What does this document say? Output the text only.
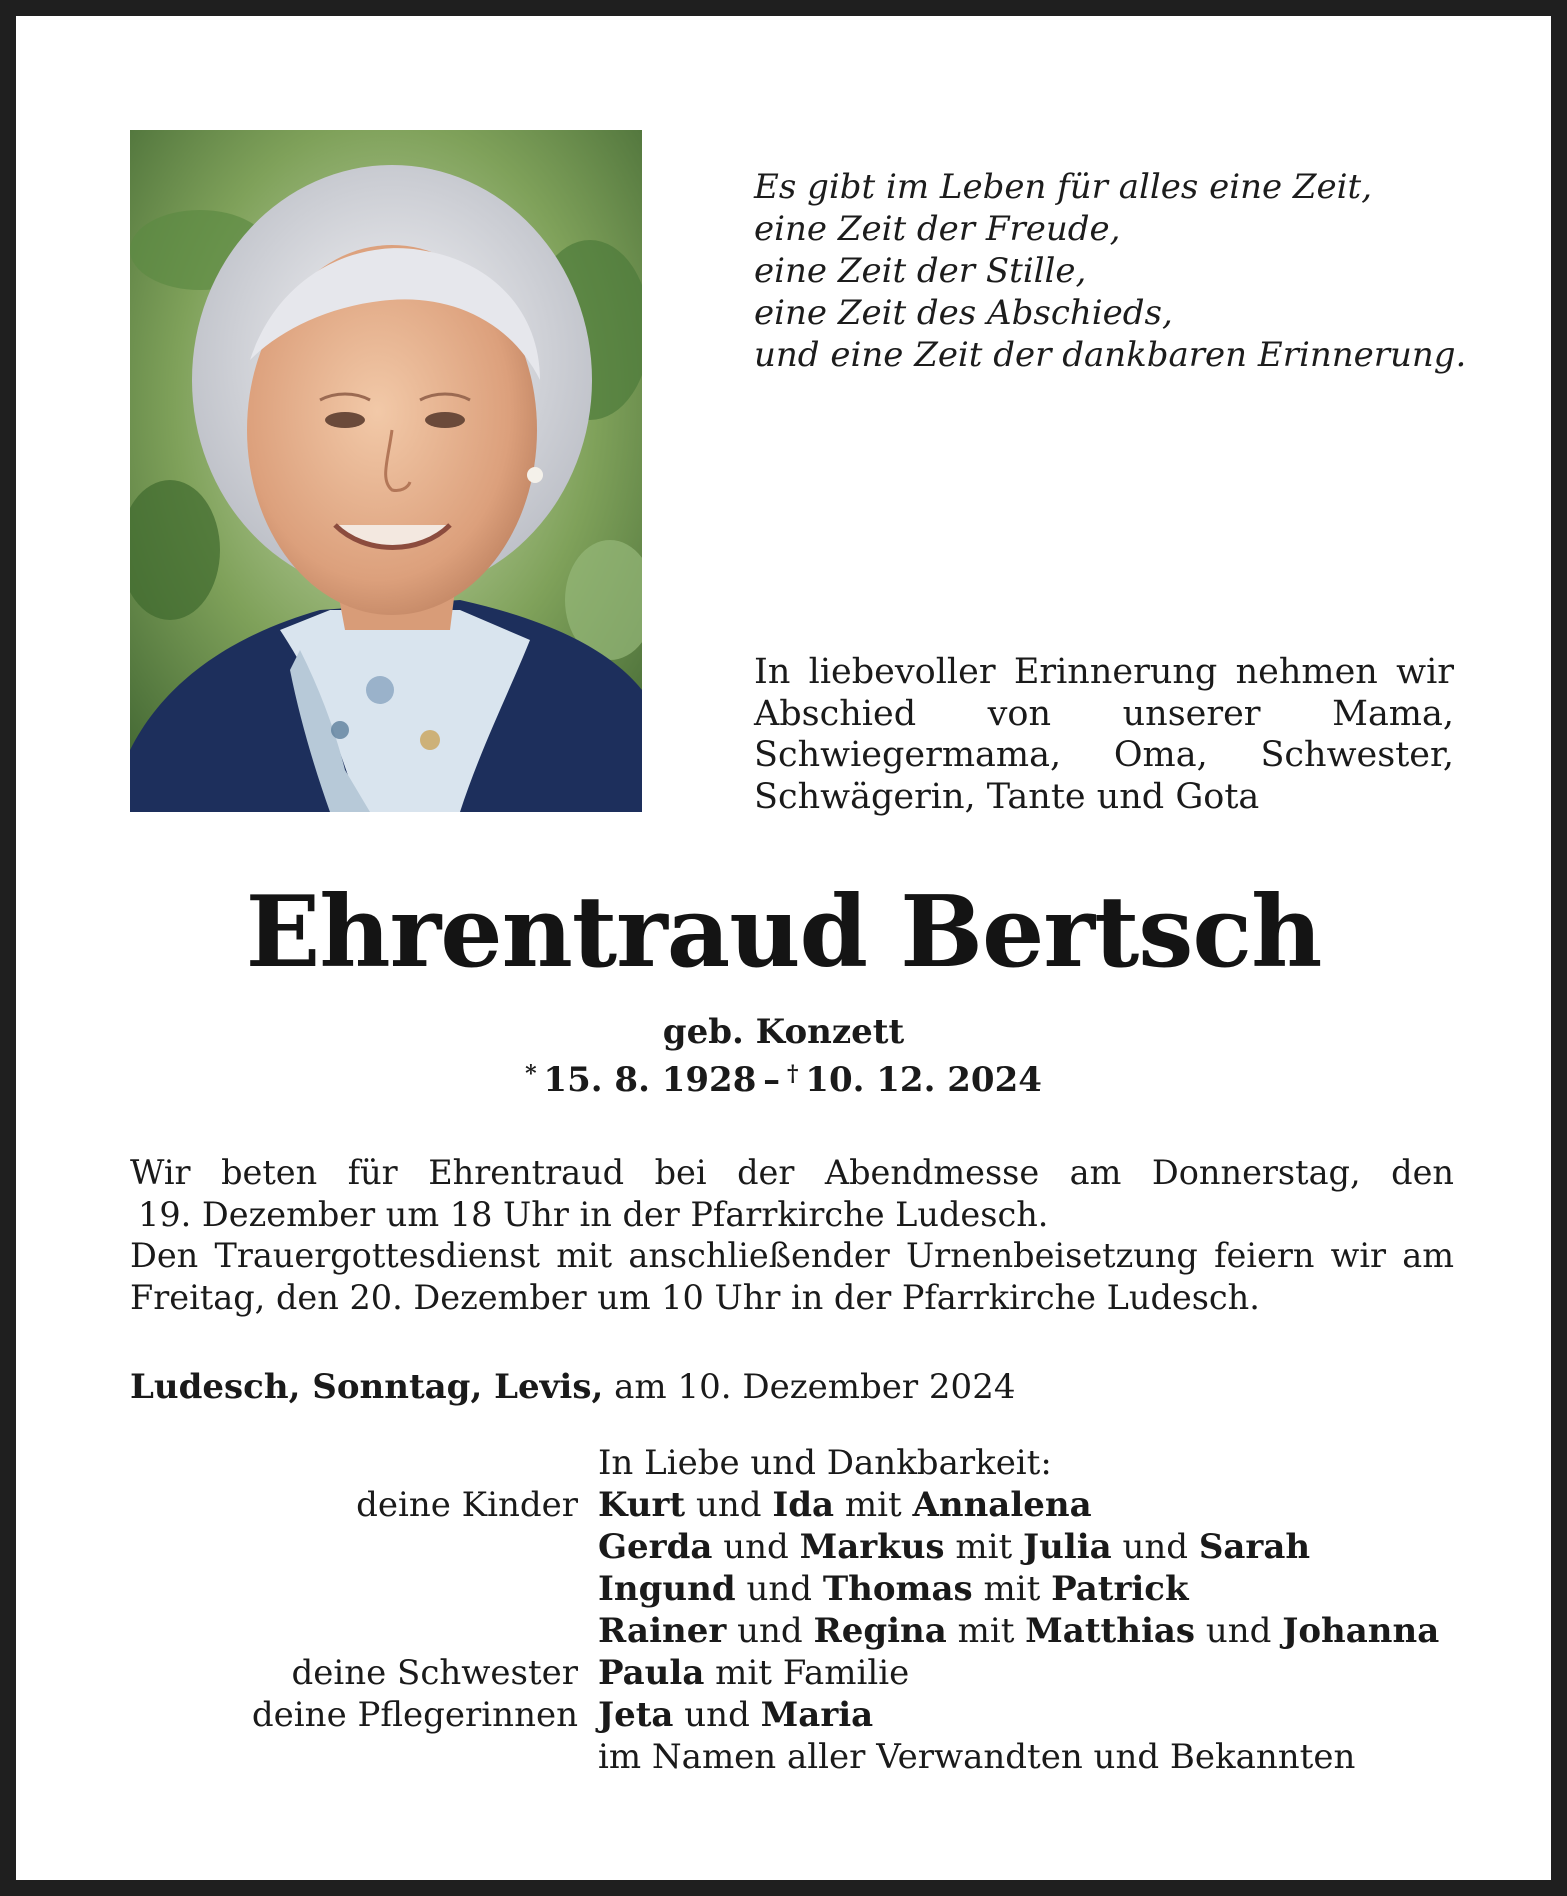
Es gibt im Leben für alles eine Zeit,
eine Zeit der Freude,
eine Zeit der Stille,
eine Zeit des Abschieds,
und eine Zeit der dankbaren Erinnerung.

In liebevoller Erinnerung nehmen wir Abschied von unserer Mama, Schwiegermama, Oma, Schwester, Schwägerin, Tante und Gota

Ehrentraud Bertsch

geb. Konzett

*  15. 8. 1928  –  †  10. 12. 2024

Wir beten für Ehrentraud bei der Abendmesse am Donnerstag, den
19. Dezember um 18 Uhr in der Pfarrkirche Ludesch.
Den Trauergottesdienst mit anschließender Urnenbeisetzung feiern wir am
Freitag, den 20. Dezember um 10 Uhr in der Pfarrkirche Ludesch.

Ludesch, Sonntag, Levis, am 10. Dezember 2024

In Liebe und Dankbarkeit:
deine Kinder Kurt und Ida mit Annalena
Gerda und Markus mit Julia und Sarah
Ingund und Thomas mit Patrick
Rainer und Regina mit Matthias und Johanna
deine Schwester Paula mit Familie
deine Pflegerinnen Jeta und Maria
im Namen aller Verwandten und Bekannten
